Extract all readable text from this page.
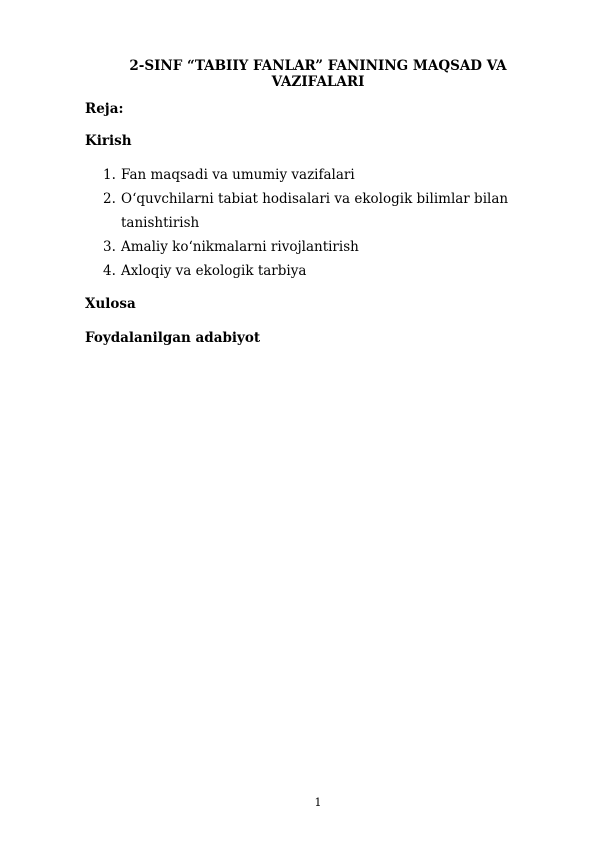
2-SINF “TABIIY FANLAR” FANINING MAQSAD VA
VAZIFALARI
Reja:
Kirish
1. Fan maqsadi va umumiy vazifalari
2. O‘quvchilarni tabiat hodisalari va ekologik bilimlar bilan tanishtirish
3. Amaliy koʻnikmalarni rivojlantirish
4. Axloqiy va ekologik tarbiya
Xulosa
Foydalanilgan adabiyot
1
